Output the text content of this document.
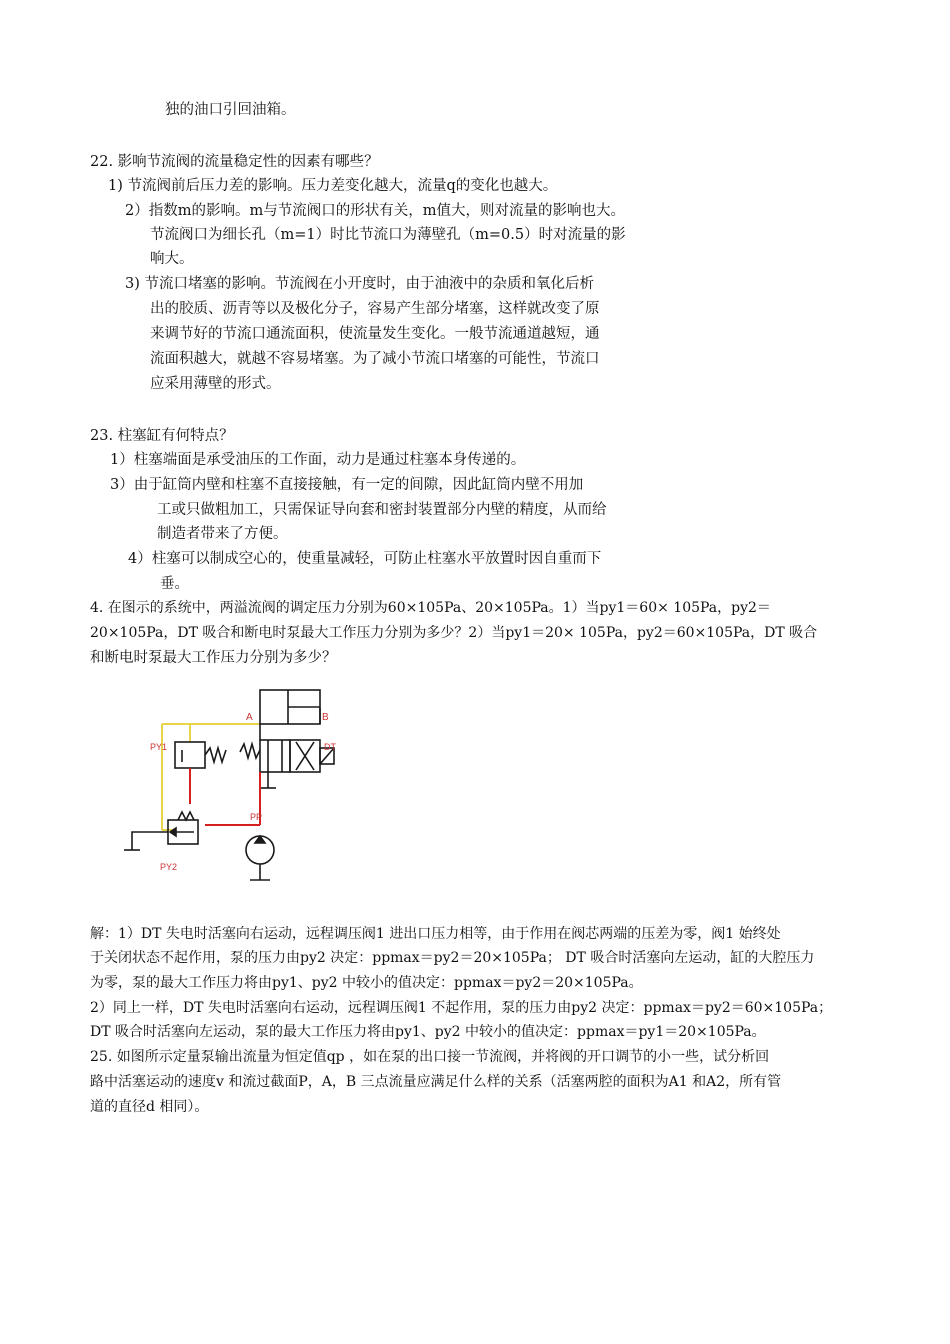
独的油口引回油箱。
22. 影响节流阀的流量稳定性的因素有哪些？
1) 节流阀前后压力差的影响。压力差变化越大，流量q的变化也越大。
2）指数m的影响。m与节流阀口的形状有关，m值大，则对流量的影响也大。
节流阀口为细长孔（m=1）时比节流口为薄壁孔（m=0.5）时对流量的影
响大。
3) 节流口堵塞的影响。节流阀在小开度时，由于油液中的杂质和氧化后析
出的胶质、沥青等以及极化分子，容易产生部分堵塞，这样就改变了原
来调节好的节流口通流面积，使流量发生变化。一般节流通道越短，通
流面积越大，就越不容易堵塞。为了减小节流口堵塞的可能性，节流口
应采用薄壁的形式。
23. 柱塞缸有何特点？
1）柱塞端面是承受油压的工作面，动力是通过柱塞本身传递的。
3）由于缸筒内壁和柱塞不直接接触，有一定的间隙，因此缸筒内壁不用加
工或只做粗加工，只需保证导向套和密封装置部分内壁的精度，从而给
制造者带来了方便。
4）柱塞可以制成空心的，使重量减轻，可防止柱塞水平放置时因自重而下
垂。
4. 在图示的系统中，两溢流阀的调定压力分别为60×105Pa、20×105Pa。1）当py1＝60× 105Pa，py2＝
20×105Pa，DT 吸合和断电时泵最大工作压力分别为多少？2）当py1＝20× 105Pa，py2＝60×105Pa，DT 吸合
和断电时泵最大工作压力分别为多少？
A	B
PY1	DT
PP
PY2
解：1）DT 失电时活塞向右运动，远程调压阀1 进出口压力相等，由于作用在阀芯两端的压差为零，阀1 始终处
于关闭状态不起作用，泵的压力由py2 决定：ppmax＝py2＝20×105Pa； DT 吸合时活塞向左运动，缸的大腔压力
为零，泵的最大工作压力将由py1、py2 中较小的值决定：ppmax＝py2＝20×105Pa。
2）同上一样，DT 失电时活塞向右运动，远程调压阀1 不起作用，泵的压力由py2 决定：ppmax＝py2＝60×105Pa；
DT 吸合时活塞向左运动，泵的最大工作压力将由py1、py2 中较小的值决定：ppmax＝py1＝20×105Pa。
25. 如图所示定量泵输出流量为恒定值qp ，如在泵的出口接一节流阀，并将阀的开口调节的小一些，试分析回
路中活塞运动的速度v 和流过截面P，A，B 三点流量应满足什么样的关系（活塞两腔的面积为A1 和A2，所有管
道的直径d 相同）。
